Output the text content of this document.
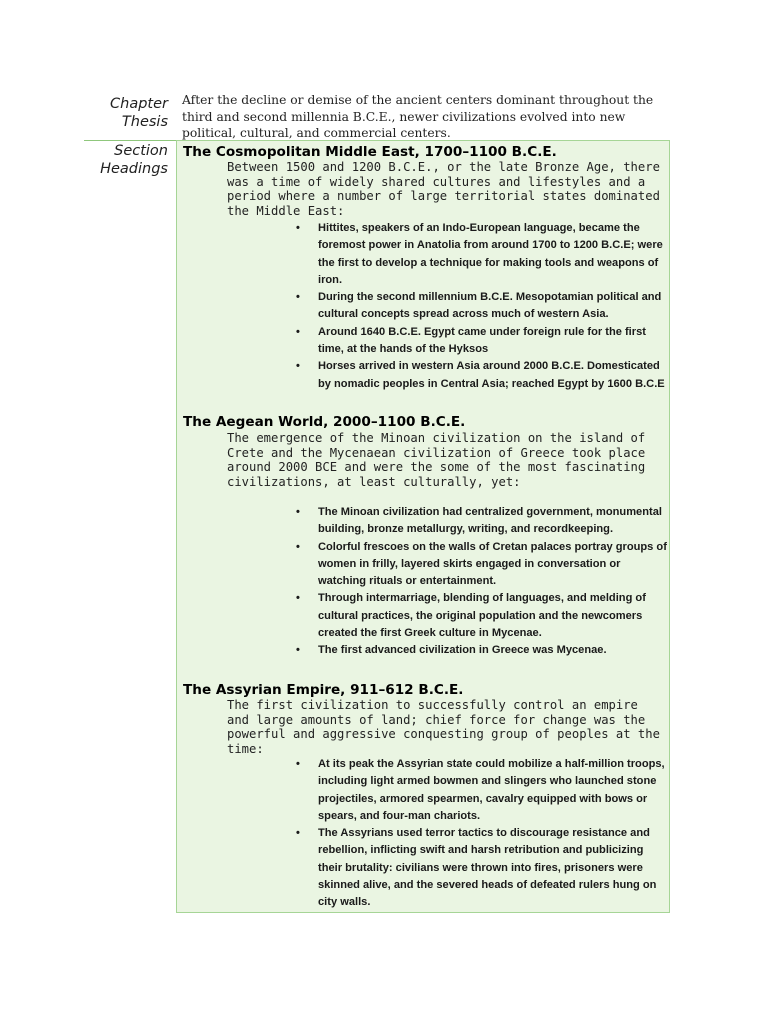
Chapter
Thesis
After the decline or demise of the ancient centers dominant throughout the third and second millennia B.C.E., newer civilizations evolved into new political, cultural, and commercial centers.
Section
Headings
The Cosmopolitan Middle East, 1700–1100 B.C.E.
Between 1500 and 1200 B.C.E., or the late Bronze Age, there was a time of widely shared cultures and lifestyles and a period where a number of large territorial states dominated the Middle East:
• Hittites, speakers of an Indo-European language, became the foremost power in Anatolia from around 1700 to 1200 B.C.E; were the first to develop a technique for making tools and weapons of iron.
• During the second millennium B.C.E. Mesopotamian political and cultural concepts spread across much of western Asia.
• Around 1640 B.C.E. Egypt came under foreign rule for the first time, at the hands of the Hyksos
• Horses arrived in western Asia around 2000 B.C.E. Domesticated by nomadic peoples in Central Asia; reached Egypt by 1600 B.C.E
The Aegean World, 2000–1100 B.C.E.
The emergence of the Minoan civilization on the island of Crete and the Mycenaean civilization of Greece took place around 2000 BCE and were the some of the most fascinating civilizations, at least culturally, yet:
• The Minoan civilization had centralized government, monumental building, bronze metallurgy, writing, and recordkeeping.
• Colorful frescoes on the walls of Cretan palaces portray groups of women in frilly, layered skirts engaged in conversation or watching rituals or entertainment.
• Through intermarriage, blending of languages, and melding of cultural practices, the original population and the newcomers created the first Greek culture in Mycenae.
• The first advanced civilization in Greece was Mycenae.
The Assyrian Empire, 911–612 B.C.E.
The first civilization to successfully control an empire and large amounts of land; chief force for change was the powerful and aggressive conquesting group of peoples at the time:
• At its peak the Assyrian state could mobilize a half-million troops, including light armed bowmen and slingers who launched stone projectiles, armored spearmen, cavalry equipped with bows or spears, and four-man chariots.
• The Assyrians used terror tactics to discourage resistance and rebellion, inflicting swift and harsh retribution and publicizing their brutality: civilians were thrown into fires, prisoners were skinned alive, and the severed heads of defeated rulers hung on city walls.
